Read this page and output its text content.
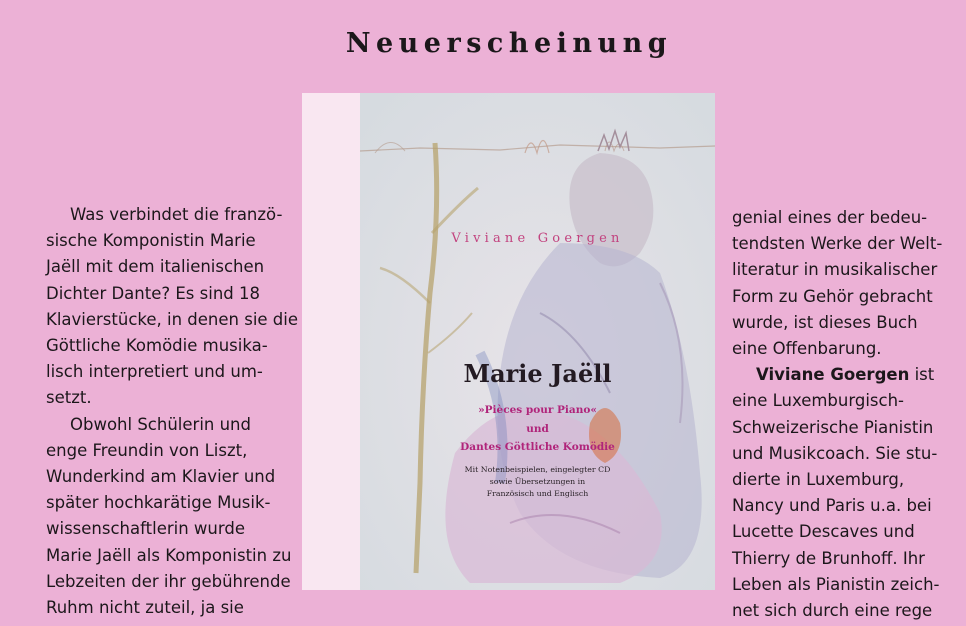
Neuerscheinung

Was verbindet die franzö-

sische Komponistin Marie

Jaëll mit dem italienischen

Dichter Dante? Es sind 18

Klavierstücke, in denen sie die

Göttliche Komödie musika-

lisch interpretiert und um-

setzt.

Obwohl Schülerin und

enge Freundin von Liszt,

Wunderkind am Klavier und

später hochkarätige Musik-

wissenschaftlerin wurde

Marie Jaëll als Komponistin zu

Lebzeiten der ihr gebührende

Ruhm nicht zuteil, ja sie

Viviane Goergen
Marie Jaëll
»Pièces pour Piano«
und
Dantes Göttliche Komödie
Mit Notenbeispielen, eingelegter CD
sowie Übersetzungen in
Französisch und Englisch

genial eines der bedeu-

tendsten Werke der Welt-

literatur in musikalischer

Form zu Gehör gebracht

wurde, ist dieses Buch

eine Offenbarung.

Viviane Goergen ist

eine Luxemburgisch-

Schweizerische Pianistin

und Musikcoach. Sie stu-

dierte in Luxemburg,

Nancy und Paris u.a. bei

Lucette Descaves und

Thierry de Brunhoff. Ihr

Leben als Pianistin zeich-

net sich durch eine rege
